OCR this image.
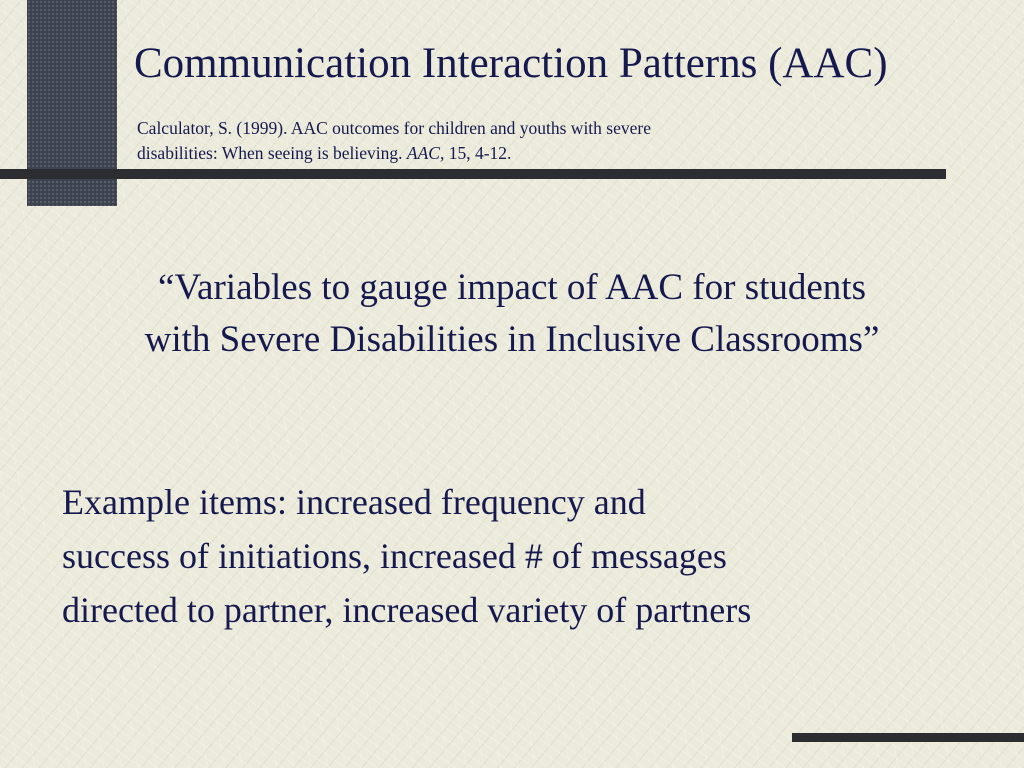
Communication Interaction Patterns (AAC)

Calculator, S. (1999). AAC outcomes for children and youths with severe
disabilities: When seeing is believing. AAC, 15, 4-12.

“Variables to gauge impact of AAC for students
with Severe Disabilities in Inclusive Classrooms”

Example items: increased frequency and
success of initiations, increased # of messages
directed to partner, increased variety of partners
